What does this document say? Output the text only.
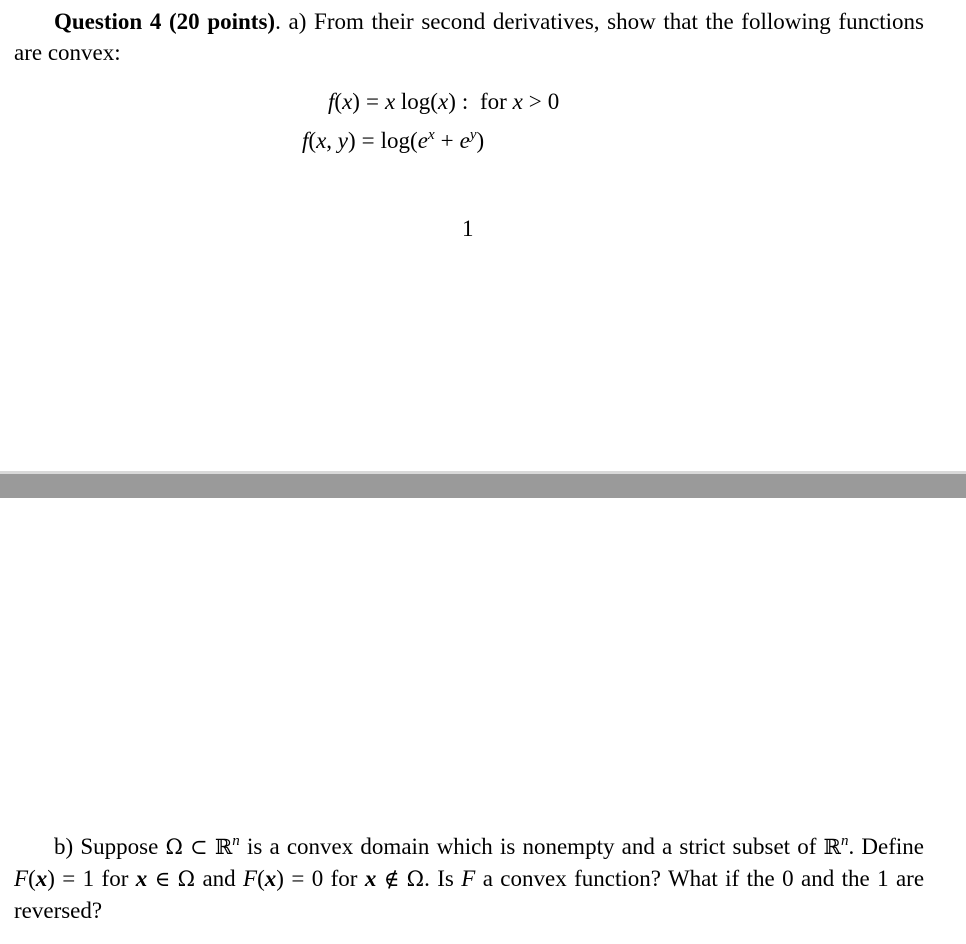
Question 4 (20 points). a) From their second derivatives, show that the following functions are convex:
f(x) = x log(x) : for x > 0
f(x, $y) = \log(e^x + e^y)$
1
b) Suppose Ω ⊂ ℝ$^n$ is a convex domain which is nonempty and a strict subset of ℝ$^n$. Define F(x) = 1 for x ∈ Ω and F(x) = 0 for x ∉ Ω. Is F a convex function? What if the 0 and the 1 are reversed?
